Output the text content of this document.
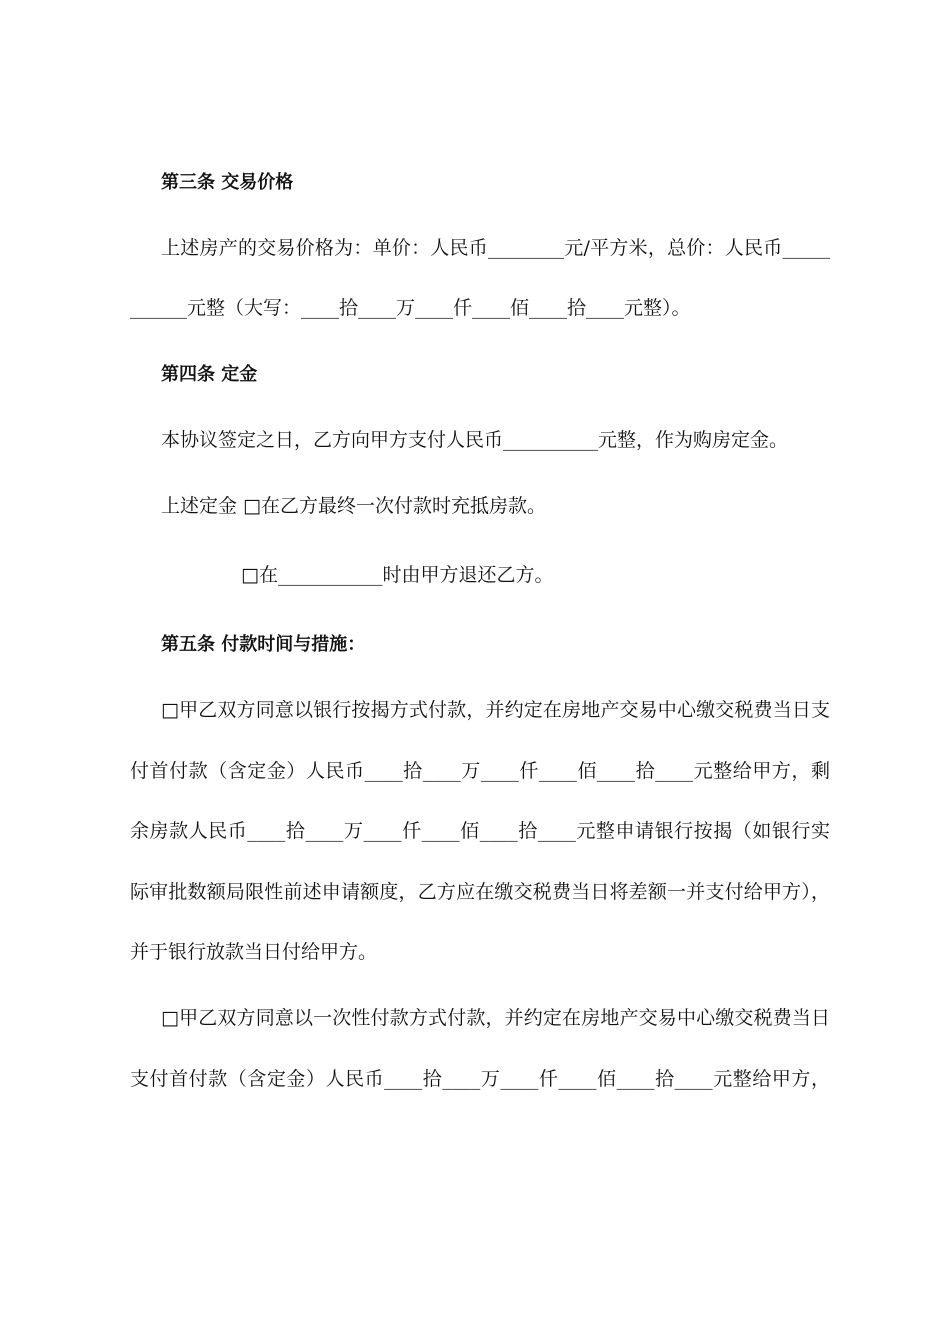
第三条 交易价格
上述房产的交易价格为：单价：人民币________元/平方米，总价：人民币_____
______元整（大写：____拾____万____仟____佰____拾____元整）。
第四条 定金
本协议签定之日，乙方向甲方支付人民币__________元整，作为购房定金。
上述定金 □在乙方最终一次付款时充抵房款。
□在___________时由甲方退还乙方。
第五条 付款时间与措施：
□甲乙双方同意以银行按揭方式付款，并约定在房地产交易中心缴交税费当日支
付首付款（含定金）人民币____拾____万____仟____佰____拾____元整给甲方，剩
余房款人民币____拾____万____仟____佰____拾____元整申请银行按揭（如银行实
际审批数额局限性前述申请额度，乙方应在缴交税费当日将差额一并支付给甲方），
并于银行放款当日付给甲方。
□甲乙双方同意以一次性付款方式付款，并约定在房地产交易中心缴交税费当日
支付首付款（含定金）人民币____拾____万____仟____佰____拾____元整给甲方，
